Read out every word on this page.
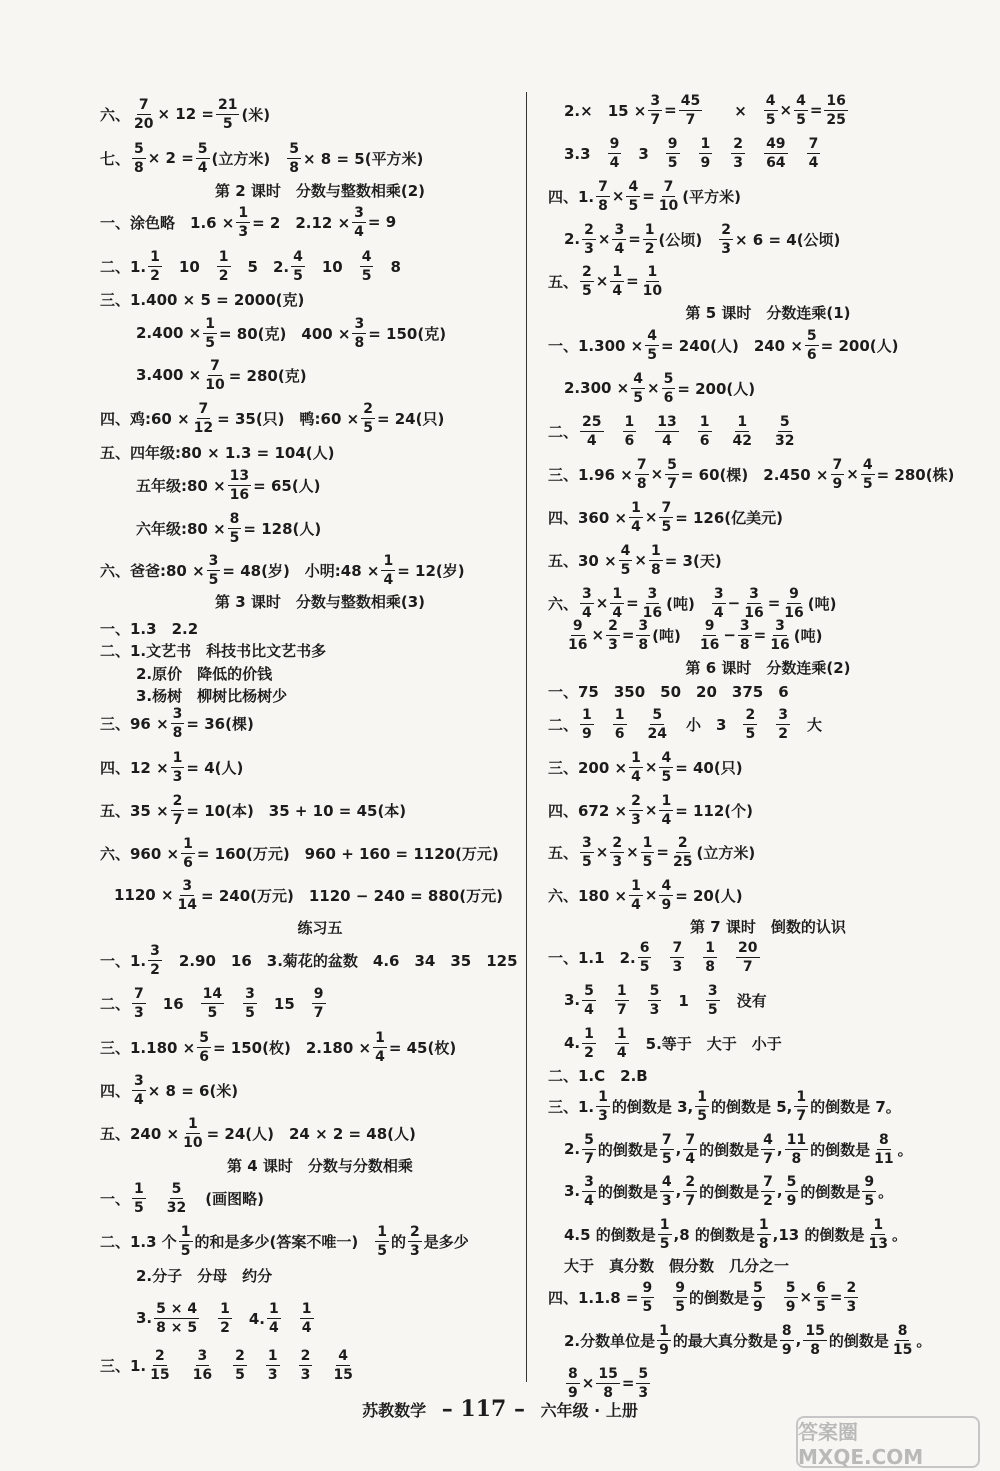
六、 $\frac{7}{20} \times 12 = \frac{21}{5}$ (米)
七、 $\frac{5}{8} \times 2 = \frac{5}{4}$ (立方米)　 $\frac{5}{8} \times 8 = 5$(平方米)
第 2 课时　分数与整数相乘(2)
一、涂色略　$1.6 \times \frac{1}{3} = 2$　$2.12 \times \frac{3}{4} = 9$
二、1. $\frac{1}{2}$ 　10　 $\frac{1}{2}$ 　5　2. $\frac{4}{5}$ 　10　 $\frac{4}{5}$ 　8
三、1.400 × 5 = 2000(克)
$2.400 \times \frac{1}{5} = 80$(克)　$400 \times \frac{3}{8} = 150$(克)
$3.400 \times \frac{7}{10} = 280$(克)
四、鸡:60 × $\frac{7}{12} = 35$(只)　鸭:60 × $\frac{2}{5} = 24$(只)
五、四年级:80 × 1.3 = 104(人)
五年级:80 × $\frac{13}{16} = 65$(人)
六年级:80 × $\frac{8}{5} = 128$(人)
六、爸爸:80 × $\frac{3}{5} = 48$(岁)　小明:48 × $\frac{1}{4} = 12$(岁)
第 3 课时　分数与整数相乘(3)
一、1.3　2.2
二、1.文艺书　科技书比文艺书多
2.原价　降低的价钱
3.杨树　柳树比杨树少
三、$96 \times \frac{3}{8} = 36$(棵)
四、$12 \times \frac{1}{3} = 4$(人)
五、$35 \times \frac{2}{7} = 10$(本)　35 + 10 = 45(本)
六、$960 \times \frac{1}{6} = 160$(万元)　960 + 160 = 1120(万元)
$1120 \times \frac{3}{14} = 240$(万元)　1120 − 240 = 880(万元)
练习五
一、1. $\frac{3}{2}$ 　2.90　16　3.菊花的盆数　4.6　34　35　125
二、 $\frac{7}{3}$ 　16　 $\frac{14}{5}$
　 $\frac{3}{5}$ 　15　 $\frac{9}{7}$
三、$1.180 \times \frac{5}{6} = 150$(枚)　$2.180 \times \frac{1}{4} = 45$(枚)
四、 $\frac{3}{4} \times 8 = 6$(米)
五、$240 \times \frac{1}{10} = 24$(人)　24 × 2 = 48(人)
第 4 课时　分数与分数相乘
一、 $\frac{1}{5}$
　 $\frac{5}{32}$ 　(画图略)
二、1.3 个 $\frac{1}{5}$ 的和是多少(答案不唯一)　 $\frac{1}{5}$ 的 $\frac{2}{3}$ 是多少
2.分子　分母　约分
3. $\frac{5 \times 4}{8 \times 5}$
　 $\frac{1}{2}$ 　4. $\frac{1}{4}$
　 $\frac{1}{4}$
三、1. $\frac{2}{15}$
　 $\frac{3}{16}$
　 $\frac{2}{5}$
　 $\frac{1}{3}$
　 $\frac{2}{3}$
　 $\frac{4}{15}$
2.×　$15 \times \frac{3}{7} = \frac{45}{7}$ 　　×　 $\frac{4}{5} \times \frac{4}{5} = \frac{16}{25}$
3.3　 $\frac{9}{4}$ 　3　 $\frac{9}{5}$
　 $\frac{1}{9}$
　 $\frac{2}{3}$
　 $\frac{49}{64}$
　 $\frac{7}{4}$
四、1. $\frac{7}{8} \times \frac{4}{5} = \frac{7}{10}$ (平方米)
2. $\frac{2}{3} \times \frac{3}{4} = \frac{1}{2}$ (公顷)　 $\frac{2}{3} \times 6 = 4$(公顷)
五、 $\frac{2}{5} \times \frac{1}{4} = \frac{1}{10}$
第 5 课时　分数连乘(1)
一、$1.300 \times \frac{4}{5} = 240$(人)　$240 \times \frac{5}{6} = 200$(人)
$2.300 \times \frac{4}{5} \times \frac{5}{6} = 200$(人)
二、 $\frac{25}{4}$
　 $\frac{1}{6}$
　 $\frac{13}{4}$
　 $\frac{1}{6}$
　 $\frac{1}{42}$
　 $\frac{5}{32}$
三、$1.96 \times \frac{7}{8} \times \frac{5}{7} = 60$(棵)　$2.450 \times \frac{7}{9} \times \frac{4}{5} = 280$(株)
四、$360 \times \frac{1}{4} \times \frac{7}{5} = 126$(亿美元)
五、$30 \times \frac{4}{5} \times \frac{1}{8} = 3$(天)
六、 $\frac{3}{4} \times \frac{1}{4} = \frac{3}{16}$ (吨)　 $\frac{3}{4} - \frac{3}{16} = \frac{9}{16}$ (吨)
$\frac{9}{16} \times \frac{2}{3} = \frac{3}{8}$ (吨)　 $\frac{9}{16} - \frac{3}{8} = \frac{3}{16}$ (吨)
第 6 课时　分数连乘(2)
一、75　350　50　20　375　6
二、 $\frac{1}{9}$
　 $\frac{1}{6}$
　 $\frac{5}{24}$ 　小　3　 $\frac{2}{5}$
　 $\frac{3}{2}$ 　大
三、$200 \times \frac{1}{4} \times \frac{4}{5} = 40$(只)
四、$672 \times \frac{2}{3} \times \frac{1}{4} = 112$(个)
五、 $\frac{3}{5} \times \frac{2}{3} \times \frac{1}{5} = \frac{2}{25}$ (立方米)
六、$180 \times \frac{1}{4} \times \frac{4}{9} = 20$(人)
第 7 课时　倒数的认识
一、1.1　2. $\frac{6}{5}$
　 $\frac{7}{3}$
　 $\frac{1}{8}$
　 $\frac{20}{7}$
3. $\frac{5}{4}$
　 $\frac{1}{7}$
　 $\frac{5}{3}$ 　1　 $\frac{3}{5}$ 　没有
4. $\frac{1}{2}$
　 $\frac{1}{4}$ 　5.等于　大于　小于
二、1.C　2.B
三、1. $\frac{1}{3}$ 的倒数是 3, $\frac{1}{5}$ 的倒数是 5, $\frac{1}{7}$ 的倒数是 7。
2. $\frac{5}{7}$ 的倒数是 $\frac{7}{5}$ , $\frac{7}{4}$ 的倒数是 $\frac{4}{7}$ , $\frac{11}{8}$ 的倒数是 $\frac{8}{11}$ 。
3. $\frac{3}{4}$ 的倒数是 $\frac{4}{3}$ , $\frac{2}{7}$ 的倒数是 $\frac{7}{2}$ , $\frac{5}{9}$ 的倒数是 $\frac{9}{5}$ 。
4.5 的倒数是 $\frac{1}{5} ,8$ 的倒数是 $\frac{1}{8} ,13$ 的倒数是 $\frac{1}{13}$ 。
大于　真分数　假分数　几分之一
四、$1.1.8 = \frac{9}{5}$
　 $\frac{9}{5}$ 的倒数是 $\frac{5}{9}$
　 $\frac{5}{9} \times \frac{6}{5} = \frac{2}{3}$
2.分数单位是 $\frac{1}{9}$ 的最大真分数是 $\frac{8}{9}$ , $\frac{15}{8}$ 的倒数是 $\frac{8}{15}$ 。
$\frac{8}{9} \times \frac{15}{8} = \frac{5}{3}$
苏教数学 – 117 – 六年级 · 上册
答案圈 MXQE.COM
